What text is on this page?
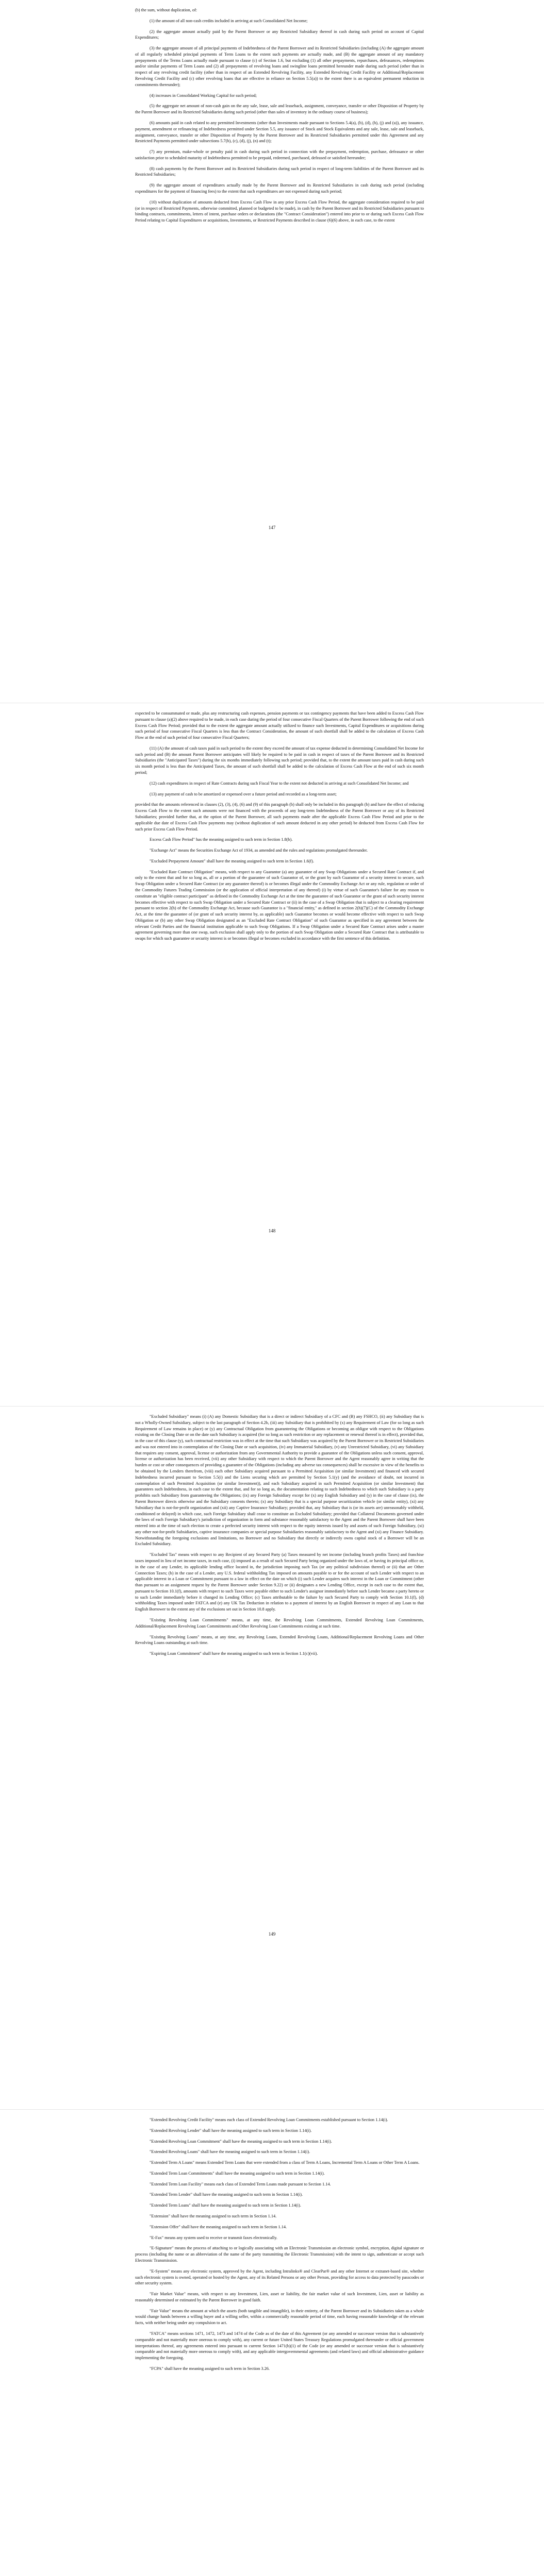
(b) the sum, without duplication, of:

(1) the amount of all non-cash credits included in arriving at such Consolidated Net Income;

(2) the aggregate amount actually paid by the Parent Borrower or any Restricted Subsidiary thereof in cash during such period on account of Capital Expenditures;

(3) the aggregate amount of all principal payments of Indebtedness of the Parent Borrower and its Restricted Subsidiaries (including (A) the aggregate amount of all regularly scheduled principal payments of Term Loans to the extent such payments are actually made, and (B) the aggregate amount of any mandatory prepayments of the Terms Loans actually made pursuant to clause (c) of Section 1.6, but excluding (1) all other prepayments, repurchases, defeasances, redemptions and/or similar payments of Term Loans and (2) all prepayments of revolving loans and swingline loans permitted hereunder made during such period (other than in respect of any revolving credit facility (other than in respect of an Extended Revolving Facility, any Extended Revolving Credit Facility or Additional/Replacement Revolving Credit Facility and (c) other revolving loans that are effective in reliance on Section 5.5(a)) to the extent there is an equivalent permanent reduction in commitments thereunder);

(4) increases in Consolidated Working Capital for such period;

(5) the aggregate net amount of non-cash gain on the any sale, lease, sale and leaseback, assignment, conveyance, transfer or other Disposition of Property by the Parent Borrower and its Restricted Subsidiaries during such period (other than sales of inventory in the ordinary course of business);

(6) amounts paid in cash related to any permitted Investments (other than Investments made pursuant to Sections 5.4(a), (b), (d), (h), (j) and (u)), any issuance, payment, amendment or refinancing of Indebtedness permitted under Section 5.5, any issuance of Stock and Stock Equivalents and any sale, lease, sale and leaseback, assignment, conveyance, transfer or other Disposition of Property by the Parent Borrower and its Restricted Subsidiaries permitted under this Agreement and any Restricted Payments permitted under subsections 5.7(b), (c), (d), (j), (n) and (t);

(7) any premium, make-whole or penalty paid in cash during such period in connection with the prepayment, redemption, purchase, defeasance or other satisfaction prior to scheduled maturity of Indebtedness permitted to be prepaid, redeemed, purchased, defeased or satisfied hereunder;

(8) cash payments by the Parent Borrower and its Restricted Subsidiaries during such period in respect of long-term liabilities of the Parent Borrower and its Restricted Subsidiaries;

(9) the aggregate amount of expenditures actually made by the Parent Borrower and its Restricted Subsidiaries in cash during such period (including expenditures for the payment of financing fees) to the extent that such expenditures are not expensed during such period;

(10) without duplication of amounts deducted from Excess Cash Flow in any prior Excess Cash Flow Period, the aggregate consideration required to be paid (or in respect of Restricted Payments, otherwise committed, planned or budgeted to be made), in cash by the Parent Borrower and its Restricted Subsidiaries pursuant to binding contracts, commitments, letters of intent, purchase orders or declarations (the "Contract Consideration") entered into prior to or during such Excess Cash Flow Period relating to Capital Expenditures or acquisitions, Investments, or Restricted Payments described in clause (6)(6) above, in each case, to the extent

147

expected to be consummated or made, plus any restructuring cash expenses, pension payments or tax contingency payments that have been added to Excess Cash Flow pursuant to clause (a)(2) above required to be made, in each case during the period of four consecutive Fiscal Quarters of the Parent Borrower following the end of such Excess Cash Flow Period; provided that to the extent the aggregate amount actually utilized to finance such Investments, Capital Expenditures or acquisitions during such period of four consecutive Fiscal Quarters is less than the Contract Consideration, the amount of such shortfall shall be added to the calculation of Excess Cash Flow at the end of such period of four consecutive Fiscal Quarters;

(11) (A) the amount of cash taxes paid in such period to the extent they exceed the amount of tax expense deducted in determining Consolidated Net Income for such period and (B) the amount Parent Borrower anticipates will likely be required to be paid in cash in respect of taxes of the Parent Borrower and its Restricted Subsidiaries (the "Anticipated Taxes") during the six months immediately following such period; provided that, to the extent the amount taxes paid in cash during such six month period is less than the Anticipated Taxes, the amount of such shortfall shall be added to the calculation of Excess Cash Flow at the end of such six month period;

(12) cash expenditures in respect of Rate Contracts during such Fiscal Year to the extent not deducted in arriving at such Consolidated Net Income; and

(13) any payment of cash to be amortized or expensed over a future period and recorded as a long-term asset;

provided that the amounts referenced in clauses (2), (3), (4), (6) and (9) of this paragraph (b) shall only be included in this paragraph (b) and have the effect of reducing Excess Cash Flow to the extent such amounts were not financed with the proceeds of any long-term Indebtedness of the Parent Borrower or any of its Restricted Subsidiaries; provided further that, at the option of the Parent Borrower, all such payments made after the applicable Excess Cash Flow Period and prior to the applicable due date of Excess Cash Flow payments may (without duplication of such amount deducted in any other period) be deducted from Excess Cash Flow for such prior Excess Cash Flow Period.

Excess Cash Flow Period" has the meaning assigned to such term in Section 1.8(b).

"Exchange Act" means the Securities Exchange Act of 1934, as amended and the rules and regulations promulgated thereunder.

"Excluded Prepayment Amount" shall have the meaning assigned to such term in Section 1.6(f).

"Excluded Rate Contract Obligation" means, with respect to any Guarantor (a) any guarantee of any Swap Obligations under a Secured Rate Contract if, and only to the extent that and for so long as, all or a portion of the guarantee of such Guarantor of, or the grant by such Guarantor of a security interest to secure, such Swap Obligation under a Secured Rate Contract (or any guarantee thereof) is or becomes illegal under the Commodity Exchange Act or any rule, regulation or order of the Commodity Futures Trading Commission (or the application of official interpretation of any thereof) (i) by virtue of such Guarantor's failure for any reason to constitute an "eligible contract participant" as defined in the Commodity Exchange Act at the time the guarantee of such Guarantor or the grant of such security interest becomes effective with respect to such Swap Obligation under a Secured Rate Contract or (ii) in the case of a Swap Obligation that is subject to a clearing requirement pursuant to section 2(h) of the Commodity Exchange Act, because such Guarantor is a "financial entity," as defined in section 2(h)(7)(C) of the Commodity Exchange Act, at the time the guarantee of (or grant of such security interest by, as applicable) such Guarantor becomes or would become effective with respect to such Swap Obligation or (b) any other Swap Obligation designated as an "Excluded Rate Contract Obligation" of such Guarantor as specified in any agreement between the relevant Credit Parties and the financial institution applicable to such Swap Obligations. If a Swap Obligation under a Secured Rate Contract arises under a master agreement governing more than one swap, such exclusion shall apply only to the portion of such Swap Obligation under a Secured Rate Contract that is attributable to swaps for which such guarantee or security interest is or becomes illegal or becomes excluded in accordance with the first sentence of this definition.

148

"Excluded Subsidiary" means (i) (A) any Domestic Subsidiary that is a direct or indirect Subsidiary of a CFC and (B) any FSHCO, (ii) any Subsidiary that is not a Wholly-Owned Subsidiary, subject to the last paragraph of Section 4.2b, (iii) any Subsidiary that is prohibited by (x) any Requirement of Law (for so long as such Requirement of Law remains in place) or (y) any Contractual Obligation from guaranteeing the Obligations or becoming an obligor with respect to the Obligations existing on the Closing Date or on the date such Subsidiary is acquired (for so long as such restriction or any replacement or renewal thereof is in effect), provided that, in the case of this clause (y), such contractual restriction was in effect at the time that such Subsidiary was acquired by the Parent Borrower or its Restricted Subsidiaries and was not entered into in contemplation of the Closing Date or such acquisition, (iv) any Immaterial Subsidiary, (v) any Unrestricted Subsidiary, (vi) any Subsidiary that requires any consent, approval, license or authorization from any Governmental Authority to provide a guarantee of the Obligations unless such consent, approval, license or authorization has been received, (vii) any other Subsidiary with respect to which the Parent Borrower and the Agent reasonably agree in writing that the burden or cost or other consequences of providing a guarantee of the Obligations (including any adverse tax consequences) shall be excessive in view of the benefits to be obtained by the Lenders therefrom, (viii) each other Subsidiary acquired pursuant to a Permitted Acquisition (or similar Investment) and financed with secured Indebtedness incurred pursuant to Section 5.5(i) and the Liens securing which are permitted by Section 5.1(y) (and the avoidance of doubt, not incurred in contemplation of such Permitted Acquisition (or similar Investment)), and each Subsidiary acquired in such Permitted Acquisition (or similar Investment) that guarantees such Indebtedness, in each case to the extent that, and for so long as, the documentation relating to such Indebtedness to which such Subsidiary is a party prohibits such Subsidiary from guaranteeing the Obligations; (ix) any Foreign Subsidiary except for (x) any English Subsidiary and (y) in the case of clause (ix), the Parent Borrower directs otherwise and the Subsidiary consents thereto; (x) any Subsidiary that is a special purpose securitization vehicle (or similar entity), (xi) any Subsidiary that is not-for-profit organization and (xii) any Captive Insurance Subsidiary; provided that, any Subsidiary that is (or its assets are) unreasonably withheld, conditioned or delayed) in which case, such Foreign Subsidiary shall cease to constitute an Excluded Subsidiary; provided that Collateral Documents governed under the laws of each Foreign Subsidiary's jurisdiction of organization in form and substance reasonably satisfactory to the Agent and the Parent Borrower shall have been entered into at the time of such election to create a perfected security interest with respect to the equity interests issued by and assets of such Foreign Subsidiary, (xi) any other not-for-profit Subsidiaries, captive insurance companies or special purpose Subsidiaries reasonably satisfactory to the Agent and (xi) any Finance Subsidiary. Notwithstanding the foregoing exclusions and limitations, no Borrower and no Subsidiary that directly or indirectly owns capital stock of a Borrower will be an Excluded Subsidiary.

"Excluded Tax" means with respect to any Recipient of any Secured Party (a) Taxes measured by net income (including branch profits Taxes) and franchise taxes imposed in lieu of net income taxes, in each case, (i) imposed as a result of such Secured Party being organized under the laws of, or having its principal office or, in the case of any Lender, its applicable lending office located in, the jurisdiction imposing such Tax (or any political subdivision thereof) or (ii) that are Other Connection Taxes; (b) in the case of a Lender, any U.S. federal withholding Tax imposed on amounts payable to or for the account of such Lender with respect to an applicable interest in a Loan or Commitment pursuant to a law in effect on the date on which (i) such Lender acquires such interest in the Loan or Commitment (other than pursuant to an assignment request by the Parent Borrower under Section 9.22) or (ii) designates a new Lending Office, except in each case to the extent that, pursuant to Section 10.1(f), amounts with respect to such Taxes were payable either to such Lender's assignor immediately before such Lender became a party hereto or to such Lender immediately before it changed its Lending Office; (c) Taxes attributable to the failure by such Secured Party to comply with Section 10.1(f), (d) withholding Taxes imposed under FATCA and (e) any UK Tax Deduction in relation to a payment of interest by an English Borrower in respect of any Loan to that English Borrower to the extent any of the exclusions set out in Section 10.8 apply.

"Existing Revolving Loan Commitments" means, at any time, the Revolving Loan Commitments, Extended Revolving Loan Commitments, Additional/Replacement Revolving Loan Commitments and Other Revolving Loan Commitments existing at such time.

"Existing Revolving Loans" means, at any time, any Revolving Loans, Extended Revolving Loans, Additional/Replacement Revolving Loans and Other Revolving Loans outstanding at such time.

"Expiring Loan Commitment" shall have the meaning assigned to such term in Section 1.1(c)(vii).

149

"Extended Revolving Credit Facility" means each class of Extended Revolving Loan Commitments established pursuant to Section 1.14(i).

"Extended Revolving Lender" shall have the meaning assigned to such term in Section 1.14(i).

"Extended Revolving Loan Commitment" shall have the meaning assigned to such term in Section 1.14(i).

"Extended Revolving Loans" shall have the meaning assigned to such term in Section 1.14(i).

"Extended Term A Loans" means Extended Term Loans that were extended from a class of Term A Loans, Incremental Term A Loans or Other Term A Loans.

"Extended Term Loan Commitments" shall have the meaning assigned to such term in Section 1.14(i).

"Extended Term Loan Facility" means each class of Extended Term Loans made pursuant to Section 1.14.

"Extended Term Lender" shall have the meaning assigned to such term in Section 1.14(i).

"Extended Term Loans" shall have the meaning assigned to such term in Section 1.14(i).

"Extension" shall have the meaning assigned to such term in Section 1.14.

"Extension Offer" shall have the meaning assigned to such term in Section 1.14.

"E-Fax" means any system used to receive or transmit faxes electronically.

"E-Signature" means the process of attaching to or logically associating with an Electronic Transmission an electronic symbol, encryption, digital signature or process (including the name or an abbreviation of the name of the party transmitting the Electronic Transmission) with the intent to sign, authenticate or accept such Electronic Transmission.

"E-System" means any electronic system, approved by the Agent, including Intralinks® and ClearPar® and any other Internet or extranet-based site, whether such electronic system is owned, operated or hosted by the Agent, any of its Related Persons or any other Person, providing for access to data protected by passcodes or other security system.

"Fair Market Value" means, with respect to any Investment, Lien, asset or liability, the fair market value of such Investment, Lien, asset or liability as reasonably determined or estimated by the Parent Borrower in good faith.

"Fair Value" means the amount at which the assets (both tangible and intangible), in their entirety, of the Parent Borrower and its Subsidiaries taken as a whole would change hands between a willing buyer and a willing seller, within a commercially reasonable period of time, each having reasonable knowledge of the relevant facts, with neither being under any compulsion to act.

"FATCA" means sections 1471, 1472, 1473 and 1474 of the Code as of the date of this Agreement (or any amended or successor version that is substantively comparable and not materially more onerous to comply with), any current or future United States Treasury Regulations promulgated thereunder or official government interpretations thereof, any agreements entered into pursuant to current Section 1471(b)(1) of the Code (or any amended or successor version that is substantively comparable and not materially more onerous to comply with), and any applicable intergovernmental agreements (and related laws) and official administrative guidance implementing the foregoing.

"FCPA" shall have the meaning assigned to such term in Section 3.26.
